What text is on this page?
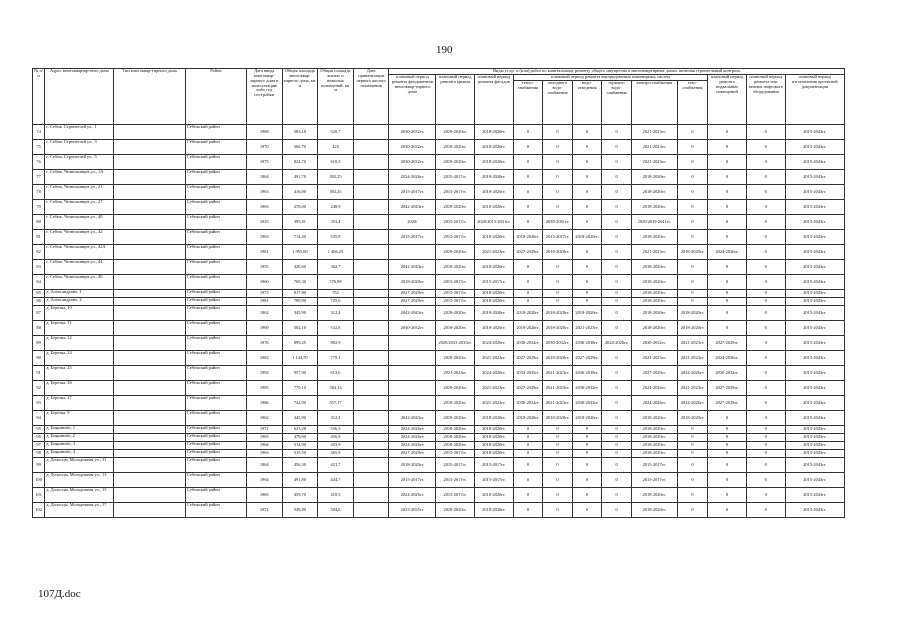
190
№ п/п	Адрес многоквартир-ного дома	Тип многоквар-тирного дома	Район	Дата ввода многоквар-тирного дома в эксплуатацию либо год постройки	Общая площадь многоквар-тирного дома, кв. м	Общая площадь жилых и нежилых помещений, кв. м	Дата приватизации первого жилого помещения	Виды услуг и (или) работ по капитальному ремонту общего имущества в многоквартирных домах, включая строительный контроль											
								плановый период ремонта фундаментов многоквар-тирного дома	плановый период ремонта крыши	плановый период ремонта фасадов	плановый период ремонта внутридомовых инженерных систем						плановый период ремонта подвальных помещений	плановый период ремонта или замены лифтового оборудования	плановый период изготовления проектной документации
											тепло-снабжения	холодного водо-снабжения	водо-отведения	горячего водо-снабжения	электро-снабжения	газо-снабжения			
74	г. Себеж, Строителей ул., 1		Себежский район	1968	583,18	520,7		2030-2032гг.	2018-2020гг.	2018-2020гг.	0	0	0	0	2021-2023гг.	0	0	0	2015-2043гг.
75	г. Себеж, Строителей ул., 3		Себежский район	1970	566,70	425		2030-2032гг.	2018-2020гг.	2018-2020гг.	0	0	0	0	2021-2023гг.	0	0	0	2015-2043гг.
76	г. Себеж, Строителей ул., 5		Себежский район	1975	824,70	618,5		2030-2032гг.	2018-2020гг.	2018-2020гг.	0	0	0	0	2021-2023гг.	0	0	0	2015-2043гг.
77	г. Себеж, Челюскинцев ул., 1А		Себежский район	1964	491,70	392,25		2024-2026гг.	2015-2017гг.	2018-2020гг.	0	0	0	0	2018-2020гг.	0	0	0	2015-2043гг.
78	г. Себеж, Челюскинцев ул., 21		Себежский район	1963	416,00	392,25		2015-2017гг.	2015-2017гг.	2018-2020гг.	0	0	0	0	2018-2020гг.	0	0	0	2015-2043гг.
79	г. Себеж, Челюскинцев ул., 27		Себежский район	1963	270,00	248,9		2042-2043гг.	2018-2020гг.	2018-2020гг.	0	0	0	0	2018-2020гг.	0	0	0	2015-2043гг.
80	г. Себеж, Челюскинцев ул., 40		Себежский район	1935	395,81	353,4		2020/	2015-2017гг.	2020/2013-2031гг.	0	2039-2041гг.	0	0	2020/2039-2041гг.	0	0	0	2015-2043гг.
81	г. Себеж, Челюскинцев ул., 42		Себежский район	1963	714,40	535,8		2015-2017гг.	2015-2017гг.	2018-2020гг.	2018-2020гг.	2015-2017гг.	2018-2020гг.	0	2018-2020гг.	0	0	0	2015-2043гг.
82	г. Себеж, Челюскинцев ул., 42А		Себежский район	1981	1 955,00	1 466,25			2018-2020гг.	2021-2023гг.	2027-2029гг.	2018-2020гг.	0	0	2021-2023гг.	2018-2020гг.	2024-2026гг.	0	2015-2043гг.
83	г. Себеж, Челюскинцев ул., 44		Себежский район	1955	320,60	302,7		2042-2043гг.	2018-2020гг.	2018-2020гг.	0	0	0	0	2018-2020гг.	0	0	0	2015-2043гг.
84	г. Себеж, Челюскинцев ул., 46		Себежский район	1960	769,30	576,98		2018-2020гг.	2015-2017гг.	2015-2017гг.	0	0	0	0	2018-2020гг.	0	0	0	2015-2043гг.
85	д. Александрово, 1		Себежский район	1973	817,80	752		2027-2029гг.	2015-2017гг.	2018-2020гг.	0	0	0	0	2018-2020гг.	0	0	0	2015-2043гг.
86	д. Александрово, 2		Себежский район	1981	789,90	725,6		2027-2029гг.	2015-2017гг.	2018-2020гг.	0	0	0	0	2018-2020гг.	0	0	0	2015-2043гг.
87	д. Березка, 10		Себежский район	1962	345,90	312,4		2042-2043гг.	2018-2020гг.	2018-2020гг.	2018-2020гг.	2018-2020гг.	2018-2020гг.	0	2018-2020гг.	2018-2020гг.	0	0	2015-2043гг.
88	д. Березка, 11		Себежский район	1969	582,10	532,8		2030-2032гг.	2018-2020гг.	2018-2020гг.	2018-2020гг.	2018-2020гг.	2021-2023гг.	0	2018-2020гг.	2018-2020гг.	0	0	2015-2043гг.
89	д. Березка, 22		Себежский район	1976	899,25	802,9			2020/2033-2035гг.	2024-2026гг.	2030-2032гг.	2030-2032гг.	2036-2038гг.	2024-2026гг.	2030-2032гг.	2021-2023гг.	2027-2029гг.	0	2015-2043гг.
90	д. Березка, 24		Себежский район	1982	1 144,70	779,1			2018-2020гг.	2021-2023гг.	2027-2029гг.	2018-2020гг.	2027-2029гг.	0	2021-2023гг.	2021-2023гг.	2024-2026гг.	0	2015-2043гг.
91	д. Березка, 25		Себежский район	1992	957,90	613,6			2021-2023гг.	2024-2026гг.	2033-2035гг.	2021-2023гг.	2036-2038гг.	0	2027-2029гг.	2024-2026гг.	2030-2032гг.	0	2015-2043гг.
92	д. Березка, 26		Себежский район	1985	779,10	584,33			2018-2020гг.	2021-2023гг.	2027-2029гг.	2021-2023гг.	2030-2032гг.	0	2024-2026гг.	2021-2023гг.	2027-2029гг.	0	2015-2043гг.
93	д. Березка, 27		Себежский район	1986	742,90	557,17			2018-2020гг.	2021-2023гг.	2030-2032гг.	2021-2023гг.	2030-2032гг.	0	2024-2026гг.	2024-2026гг.	2027-2029гг.	0	2015-2043гг.
94	д. Березка, 9		Себежский район	1962	345,90	312,4		2042-2043гг.	2018-2020гг.	2018-2020гг.	2018-2020гг.	2018-2020гг.	2018-2020гг.	0	2018-2020гг.	2018-2020гг.	0	0	2015-2043гг.
95	д. Бояриново, 1		Себежский район	1972	623,28	556,5		2024-2026гг.	2018-2020гг.	2018-2020гг.	0	0	0	0	2018-2020гг.	0	0	0	2015-2043гг.
96	д. Бояриново, 2		Себежский район	1965	479,60	456,9		2024-2026гг.	2018-2020гг.	2018-2020гг.	0	0	0	0	2018-2020гг.	0	0	0	2015-2043гг.
97	д. Бояриново, 3		Себежский район	1964	514,90	453,9		2024-2026гг.	2018-2020гг.	2018-2020гг.	0	0	0	0	2018-2020гг.	0	0	0	2015-2043гг.
98	д. Бояриново, 4		Себежский район	1963	515,50	465,9		2027-2029гг.	2015-2017гг.	2018-2020гг.	0	0	0	0	2018-2020гг.	0	0	0	2015-2043гг.
99	д. Долосцы, Молодежная ул., 11		Себежский район	1964	456,30	421,7		2018-2020гг.	2015-2017гг.	2015-2017гг.	0	0	0	0	2015-2017гг.	0	0	0	2015-2043гг.
100	д. Долосцы, Молодежная ул., 13		Себежский район	1964	491,80	444,7		2015-2017гг.	2015-2017гг.	2015-2017гг.	0	0	0	0	2015-2017гг.	0	0	0	2015-2043гг.
101	д. Долосцы, Молодежная ул., 15		Себежский район	1965	459,70	418,5		2024-2026гг.	2015-2017гг.	2018-2020гг.	0	0	0	0	2018-2020гг.	0	0	0	2015-2043гг.
102	д. Долосцы, Молодежная ул., 17		Себежский район	1972	549,80	504,6		2033-2035гг.	2018-2020гг.	2018-2020гг.	0	0	0	0	2018-2020гг.	0	0	0	2015-2043гг.
107Д.doc
